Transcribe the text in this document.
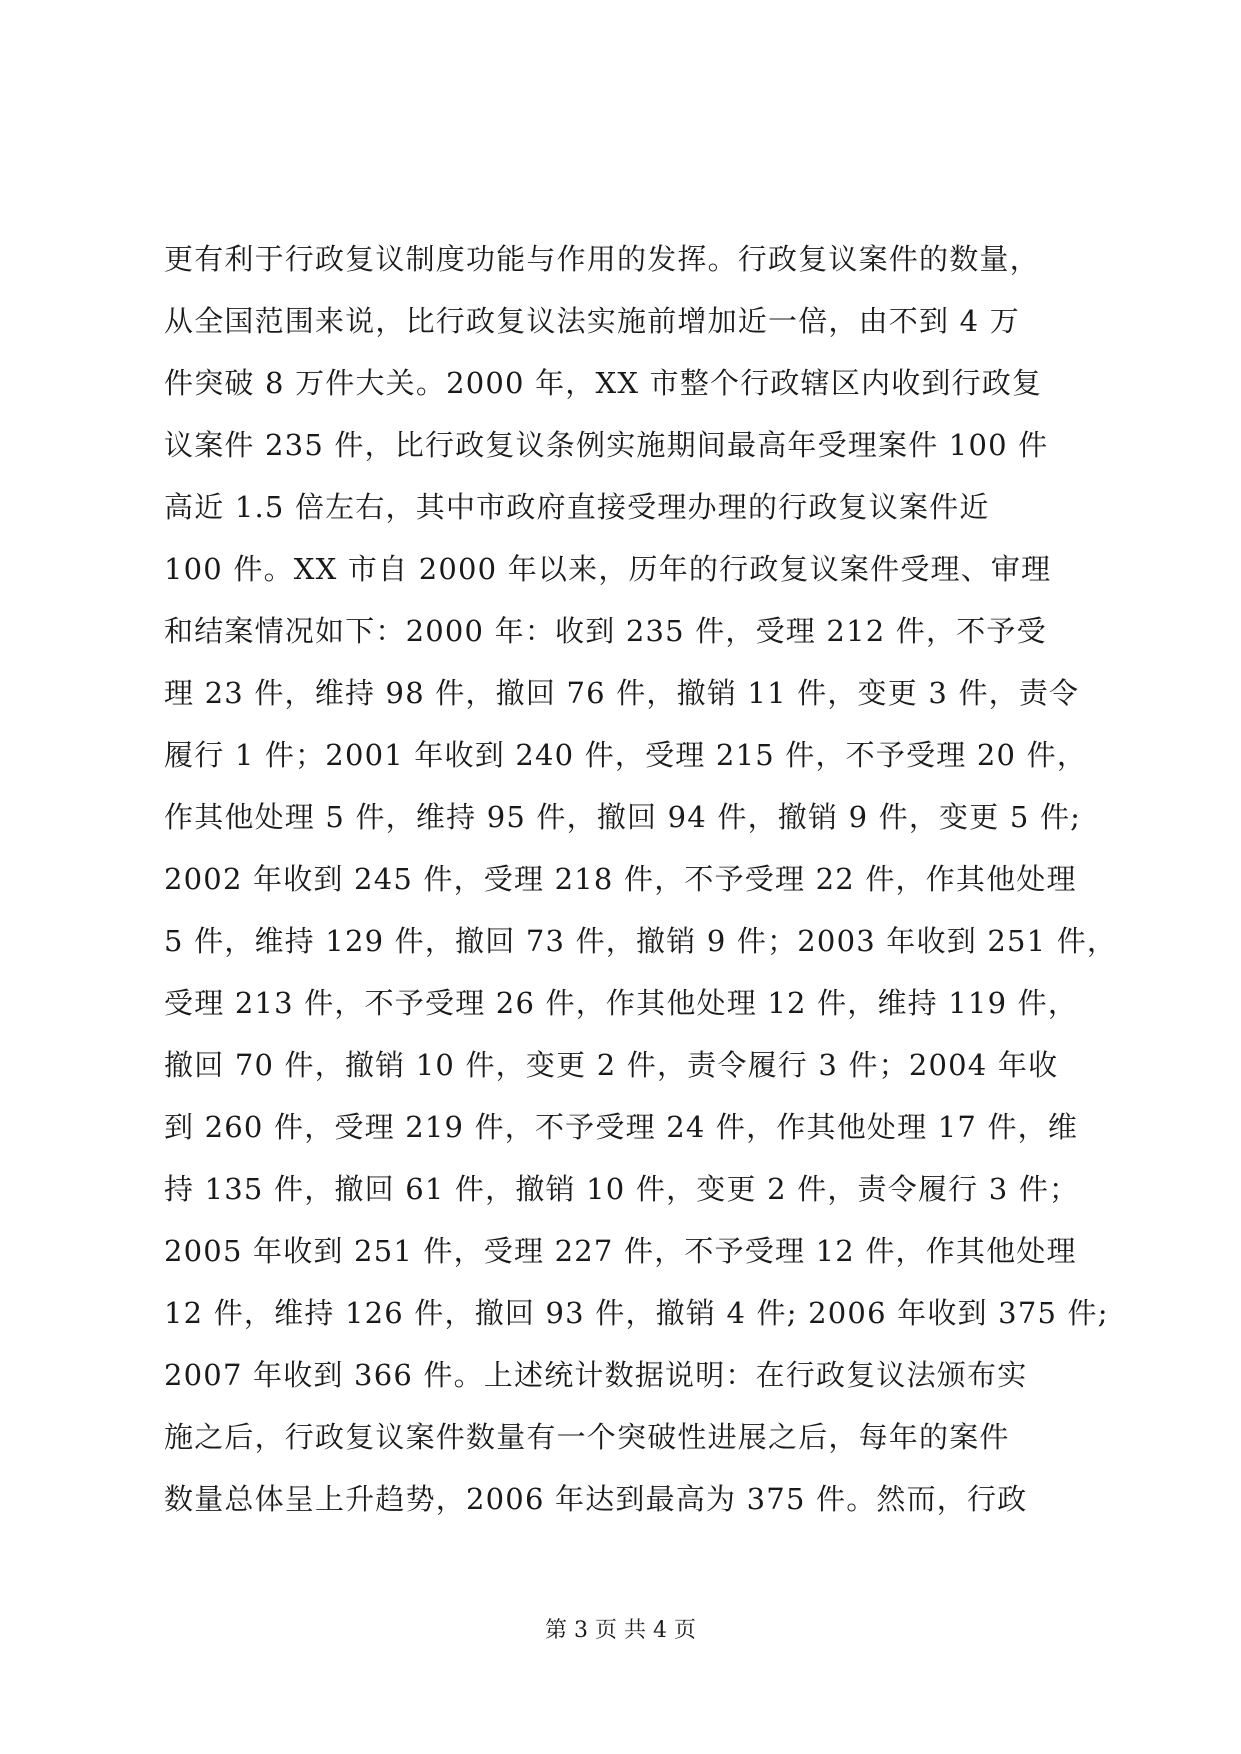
更有利于行政复议制度功能与作用的发挥。行政复议案件的数量，
从全国范围来说，比行政复议法实施前增加近一倍，由不到 4 万
件突破 8 万件大关。2000 年，XX 市整个行政辖区内收到行政复
议案件 235 件，比行政复议条例实施期间最高年受理案件 100 件
高近 1.5 倍左右，其中市政府直接受理办理的行政复议案件近
100 件。XX 市自 2000 年以来，历年的行政复议案件受理、审理
和结案情况如下：2000 年：收到 235 件，受理 212 件，不予受
理 23 件，维持 98 件，撤回 76 件，撤销 11 件，变更 3 件，责令
履行 1 件；2001 年收到 240 件，受理 215 件，不予受理 20 件，
作其他处理 5 件，维持 95 件，撤回 94 件，撤销 9 件，变更 5 件;
2002 年收到 245 件，受理 218 件，不予受理 22 件，作其他处理
5 件，维持 129 件，撤回 73 件，撤销 9 件；2003 年收到 251 件，
受理 213 件，不予受理 26 件，作其他处理 12 件，维持 119 件，
撤回 70 件，撤销 10 件，变更 2 件，责令履行 3 件；2004 年收
到 260 件，受理 219 件，不予受理 24 件，作其他处理 17 件，维
持 135 件，撤回 61 件，撤销 10 件，变更 2 件，责令履行 3 件；
2005 年收到 251 件，受理 227 件，不予受理 12 件，作其他处理
12 件，维持 126 件，撤回 93 件，撤销 4 件; 2006 年收到 375 件;
2007 年收到 366 件。上述统计数据说明：在行政复议法颁布实
施之后，行政复议案件数量有一个突破性进展之后，每年的案件
数量总体呈上升趋势，2006 年达到最高为 375 件。然而，行政
第 3 页 共 4 页
